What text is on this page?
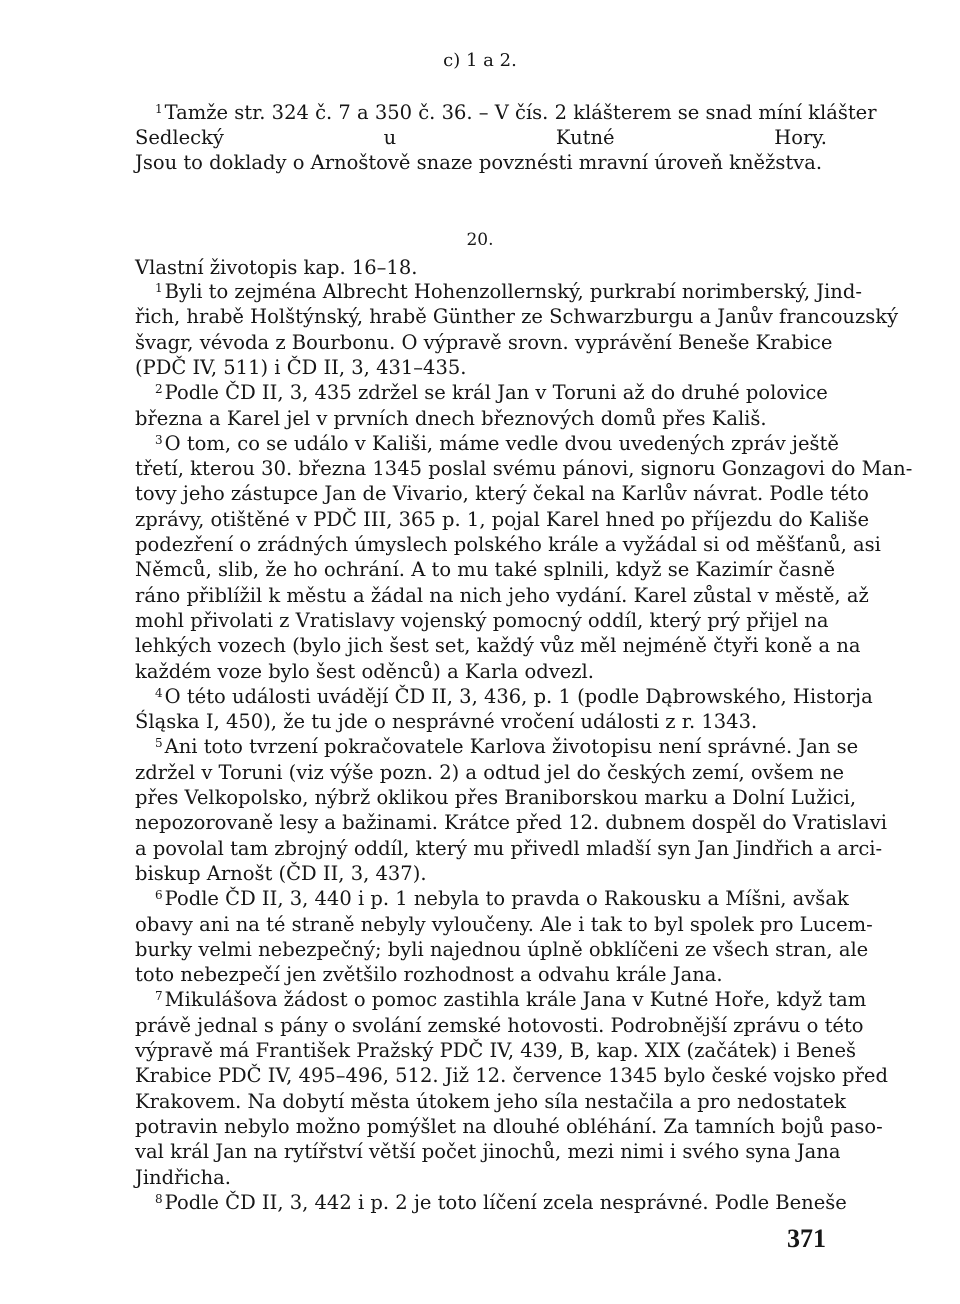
c) 1 a 2.
$^1$ Tamže str. 324 č. 7 a 350 č. 36. – V čís. 2 klášterem se snad míní klášter
Sedlecký u Kutné Hory.
Jsou to doklady o Arnoštově snaze povznésti mravní úroveň kněžstva.
20.
Vlastní životopis kap. 16–18.
$^1$ Byli to zejména Albrecht Hohenzollernský, purkrabí norimberský, Jind-
řich, hrabě Holštýnský, hrabě Günther ze Schwarzburgu a Janův francouzský
švagr, vévoda z Bourbonu. O výpravě srovn. vyprávění Beneše Krabice
(PDČ IV, 511) i ČD II, 3, 431–435.
$^2$ Podle ČD II, 3, 435 zdržel se král Jan v Toruni až do druhé polovice
března a Karel jel v prvních dnech březnových domů přes Kališ.
$^3$ O tom, co se událo v Kališi, máme vedle dvou uvedených zpráv ještě
třetí, kterou 30. března 1345 poslal svému pánovi, signoru Gonzagovi do Man-
tovy jeho zástupce Jan de Vivario, který čekal na Karlův návrat. Podle této
zprávy, otištěné v PDČ III, 365 p. 1, pojal Karel hned po příjezdu do Kališe
podezření o zrádných úmyslech polského krále a vyžádal si od měšťanů, asi
Němců, slib, že ho ochrání. A to mu také splnili, když se Kazimír časně
ráno přiblížil k městu a žádal na nich jeho vydání. Karel zůstal v městě, až
mohl přivolati z Vratislavy vojenský pomocný oddíl, který prý přijel na
lehkých vozech (bylo jich šest set, každý vůz měl nejméně čtyři koně a na
každém voze bylo šest oděnců) a Karla odvezl.
$^4$ O této události uvádějí ČD II, 3, 436, p. 1 (podle Dąbrowského, Historja
Śląska I, 450), že tu jde o nesprávné vročení události z r. 1343.
$^5$ Ani toto tvrzení pokračovatele Karlova životopisu není správné. Jan se
zdržel v Toruni (viz výše pozn. 2) a odtud jel do českých zemí, ovšem ne
přes Velkopolsko, nýbrž oklikou přes Braniborskou marku a Dolní Lužici,
nepozorovaně lesy a bažinami. Krátce před 12. dubnem dospěl do Vratislavi
a povolal tam zbrojný oddíl, který mu přivedl mladší syn Jan Jindřich a arci-
biskup Arnošt (ČD II, 3, 437).
$^6$ Podle ČD II, 3, 440 i p. 1 nebyla to pravda o Rakousku a Míšni, avšak
obavy ani na té straně nebyly vyloučeny. Ale i tak to byl spolek pro Lucem-
burky velmi nebezpečný; byli najednou úplně obklíčeni ze všech stran, ale
toto nebezpečí jen zvětšilo rozhodnost a odvahu krále Jana.
$^7$ Mikulášova žádost o pomoc zastihla krále Jana v Kutné Hoře, když tam
právě jednal s pány o svolání zemské hotovosti. Podrobnější zprávu o této
výpravě má František Pražský PDČ IV, 439, B, kap. XIX (začátek) i Beneš
Krabice PDČ IV, 495–496, 512. Již 12. července 1345 bylo české vojsko před
Krakovem. Na dobytí města útokem jeho síla nestačila a pro nedostatek
potravin nebylo možno pomýšlet na dlouhé obléhání. Za tamních bojů paso-
val král Jan na rytířství větší počet jinochů, mezi nimi i svého syna Jana
Jindřicha.
$^8$ Podle ČD II, 3, 442 i p. 2 je toto líčení zcela nesprávné. Podle Beneše
371
